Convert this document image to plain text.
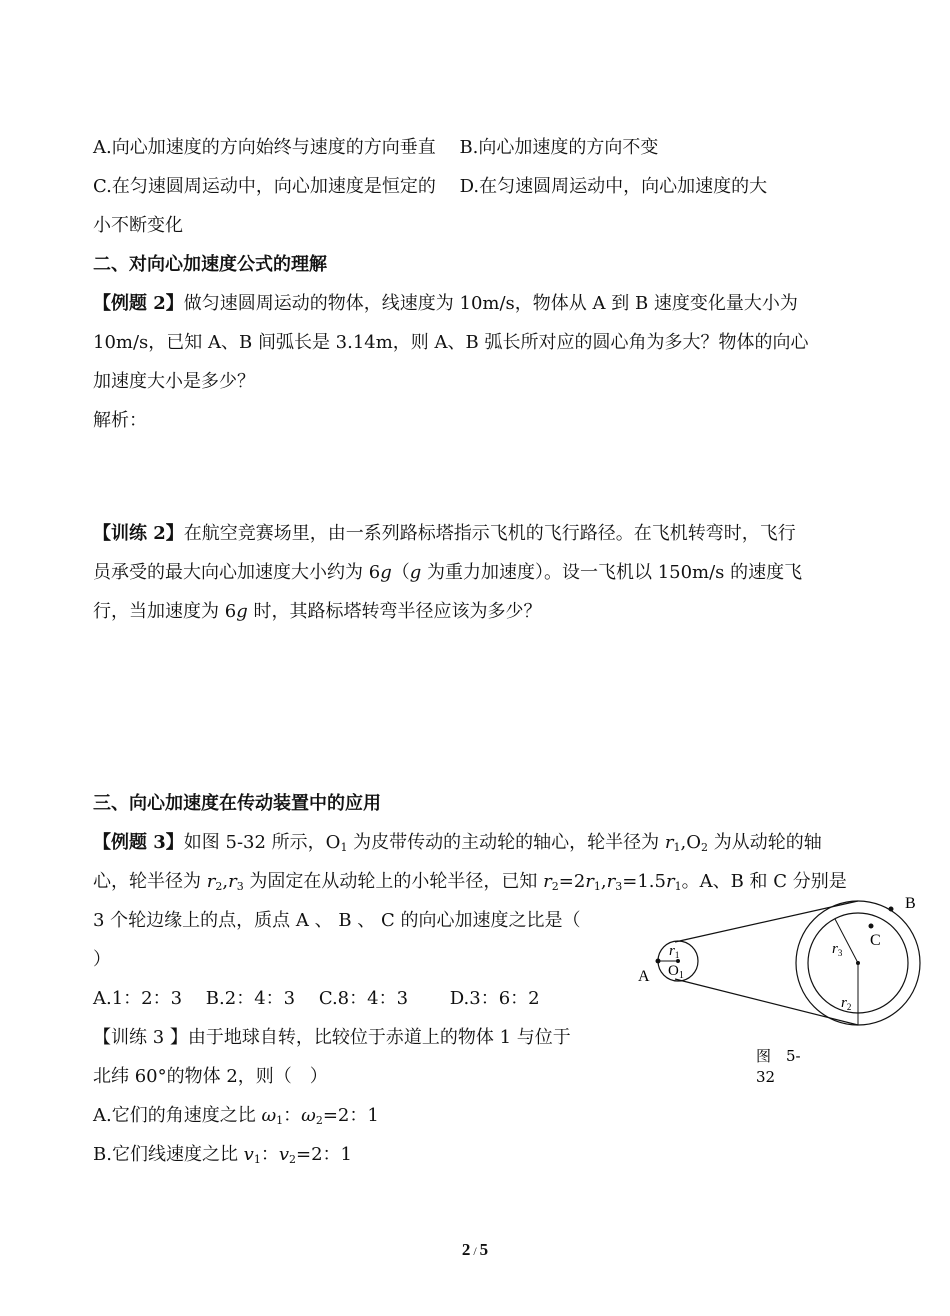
A.向心加速度的方向始终与速度的方向垂直　 B.向心加速度的方向不变
C.在匀速圆周运动中，向心加速度是恒定的　 D.在匀速圆周运动中，向心加速度的大
小不断变化
二、对向心加速度公式的理解
【例题 2】做匀速圆周运动的物体，线速度为 10m/s，物体从 A 到 B 速度变化量大小为
10m/s，已知 A、B 间弧长是 3.14m，则 A、B 弧长所对应的圆心角为多大？物体的向心
加速度大小是多少？
解析：
【训练 2】在航空竞赛场里，由一系列路标塔指示飞机的飞行路径。在飞机转弯时，飞行
员承受的最大向心加速度大小约为 6g（g 为重力加速度）。设一飞机以 150m/s 的速度飞
行，当加速度为 6g 时，其路标塔转弯半径应该为多少？
三、向心加速度在传动装置中的应用
【例题 3】如图 5-32 所示，$O_1$ 为皮带传动的主动轮的轴心，轮半径为 $r_1,O_2$ 为从动轮的轴
心，轮半径为 $r_2,r_3$ 为固定在从动轮上的小轮半径，已知 $r_2=2r_1,r_3=1.5r_1$。A、B 和 C 分别是
3 个轮边缘上的点，质点 A 、 B 、 C 的向心加速度之比是（
）
A.1：2：3　 B.2：4：3　 C.8：4：3　　 D.3：6：2
【训练 3 】由于地球自转，比较位于赤道上的物体 1 与位于
北纬 60°的物体 2，则（　）
A.它们的角速度之比 $\omega_1$：$\omega_2=2$：1
B.它们线速度之比 $v_1$：$v_2=2$：1
A
B
C
$O_1$
$r_1$	$r_3$
$r_2$
图　5-
32
2 / 5
